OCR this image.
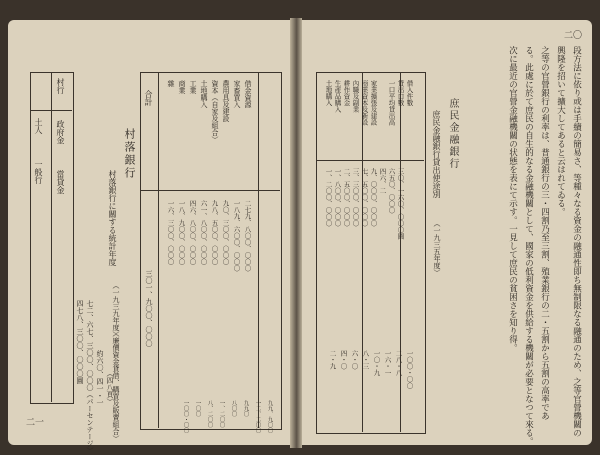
村行
土人
一般行
政府金
當貸金
四七八、三〇〇、〇〇〇圓 七二、六七、三〇〇、〇〇〇（パーセンテージ） 約六〇、四一・一 （四八頁）
二一
村落銀行
村落銀行に關する統計年度
（一九三九年度）
（廉價資金貸借、購買及販賣組合）
合計
三〇一、九〇〇、〇〇〇
借金資源
二七九、八〇〇、〇〇〇
家畜買入
一八九、六〇〇、〇〇〇
農用具及建設
九〇、三〇〇、〇〇〇
資本（自家及組合）
九八、五〇〇、〇〇〇
土地購入
六一、八〇〇、〇〇〇
工業
四六、八〇〇、〇〇〇
商業
一八、九〇〇、〇〇〇
雜
一六、三〇〇、〇〇〇
九九、九〇〇
一二、二〇〇
九九〇
八〇〇
一、二〇〇
八、二〇〇
一〇〇
一〇〇・〇〇
二〇
段方法に依り或は手續の簡易さ、等種々なる資金の融通性即ち無制限なる融通のため、之等官營機關の
興隆を招いて擴大してあると云はれてゐる。
之等の官營銀行の利率は、普通銀行の三・四割乃至三割、殖業銀行の二・五割から五割の高率であ
る。此處に於て庶民の自生的なる金融機關として、國家の低利資金を供給する機關が必要となつて來る。
次に最近の官營金融機關の状態を表にて示す。一見して庶民の貧困さを知り得。
庶民金融銀行
庶民金融銀行貸出使途別
（一九三五年度）
借入件數
貸出口數
三〇、一六〇、〇〇〇圓
一口平均貸出高
六五〇、〇〇〇
四六、二
家業擴張及建設
九、〇〇〇、〇〇〇
商業資本及新設
七、五〇〇、〇〇〇
內職及副業
三、三〇〇、〇〇〇
耕作資金
二、五〇〇、〇〇〇
生產品購入
一、八〇〇、〇〇〇
土地購入
一、二〇〇、〇〇〇
一〇〇・〇〇
二八・八
一六・一
一〇・九
八・三
六・〇
四・〇
二・九
